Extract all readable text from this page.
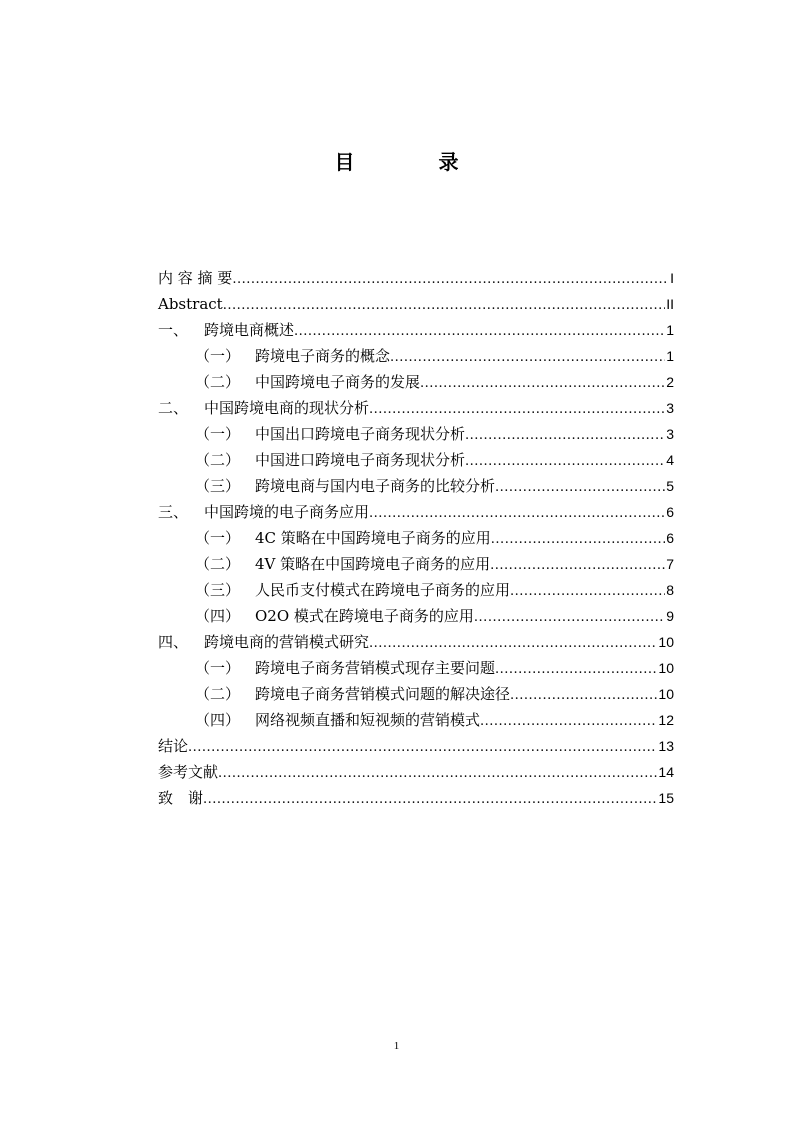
目　录
内 容 摘 要 .....	I
Abstract .....	II
一、 跨境电商概述 .....	1
（一） 跨境电子商务的概念 .....	1
（二） 中国跨境电子商务的发展 .....	2
二、 中国跨境电商的现状分析 .....	3
（一） 中国出口跨境电子商务现状分析 .....	3
（二） 中国进口跨境电子商务现状分析 .....	4
（三） 跨境电商与国内电子商务的比较分析 .....	5
三、 中国跨境的电子商务应用 .....	6
（一） 4C 策略在中国跨境电子商务的应用 .....	6
（二） 4V 策略在中国跨境电子商务的应用 .....	7
（三） 人民币支付模式在跨境电子商务的应用 .....	8
（四） O2O 模式在跨境电子商务的应用 .....	9
四、 跨境电商的营销模式研究 .....	10
（一） 跨境电子商务营销模式现存主要问题 .....	10
（二） 跨境电子商务营销模式问题的解决途径 .....	10
（四） 网络视频直播和短视频的营销模式 .....	12
结论 .....	13
参考文献 .....	14
致　谢 .....	15
1
